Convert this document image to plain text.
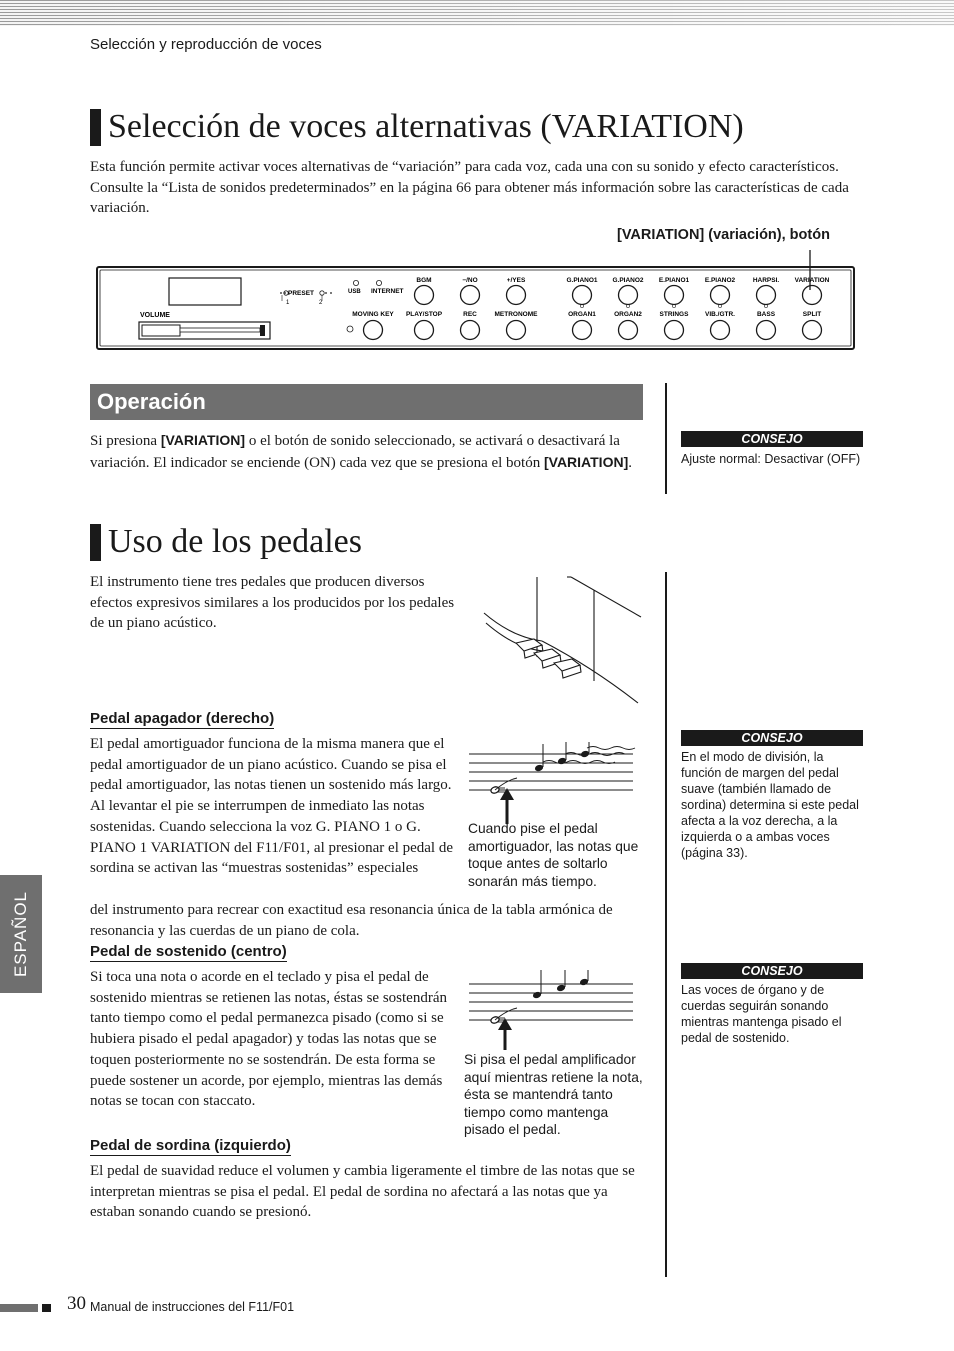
Selección y reproducción de voces
Selección de voces alternativas (VARIATION)
Esta función permite activar voces alternativas de “variación” para cada voz, cada una con su sonido y efecto característicos. Consulte la “Lista de sonidos predeterminados” en la página 66 para obtener más información sobre las características de cada variación.
[VARIATION] (variación), botón
VOLUME
PRESET	USB INTERNET
1	2
BGM	−/NO	+/YES	G.PIANO1 G.PIANO2 E.PIANO1 E.PIANO2	HARPSI. VARIATION
MOVING KEY PLAY/STOP	REC	METRONOME	ORGAN1	ORGAN2	STRINGS	VIB./GTR.	BASS	SPLIT
Operación
Si presiona [VARIATION] o el botón de sonido seleccionado, se activará o desactivará la variación. El indicador se enciende (ON) cada vez que se presiona el botón [VARIATION].
CONSEJO
Ajuste normal: Desactivar (OFF)
CONSEJO
En el modo de división, la función de margen del pedal suave (también llamado de sordina) determina si este pedal afecta a la voz derecha, a la izquierda o a ambas voces (página 33).
CONSEJO
Las voces de órgano y de cuerdas seguirán sonando mientras mantenga pisado el pedal de sostenido.
Uso de los pedales
El instrumento tiene tres pedales que producen diversos efectos expresivos similares a los producidos por los pedales de un piano acústico.
Pedal apagador (derecho)
El pedal amortiguador funciona de la misma manera que el pedal amortiguador de un piano acústico. Cuando se pisa el pedal amortiguador, las notas tienen un sostenido más largo. Al levantar el pie se interrumpen de inmediato las notas sostenidas. Cuando selecciona la voz G. PIANO 1 o G. PIANO 1 VARIATION del F11/F01, al presionar el pedal de sordina se activan las “muestras sostenidas” especiales
del instrumento para recrear con exactitud esa resonancia única de la tabla armónica de resonancia y las cuerdas de un piano de cola.
Cuando pise el pedal amortiguador, las notas que toque antes de soltarlo sonarán más tiempo.
Pedal de sostenido (centro)
Si toca una nota o acorde en el teclado y pisa el pedal de sostenido mientras se retienen las notas, éstas se sostendrán tanto tiempo como el pedal permanezca pisado (como si se hubiera pisado el pedal apagador) y todas las notas que se toquen posteriormente no se sostendrán. De esta forma se puede sostener un acorde, por ejemplo, mientras las demás notas se tocan con staccato.
Si pisa el pedal amplificador aquí mientras retiene la nota, ésta se mantendrá tanto tiempo como mantenga pisado el pedal.
Pedal de sordina (izquierdo)
El pedal de suavidad reduce el volumen y cambia ligeramente el timbre de las notas que se interpretan mientras se pisa el pedal. El pedal de sordina no afectará a las notas que ya estaban sonando cuando se presionó.
ESPAÑOL
30 Manual de instrucciones del F11/F01
